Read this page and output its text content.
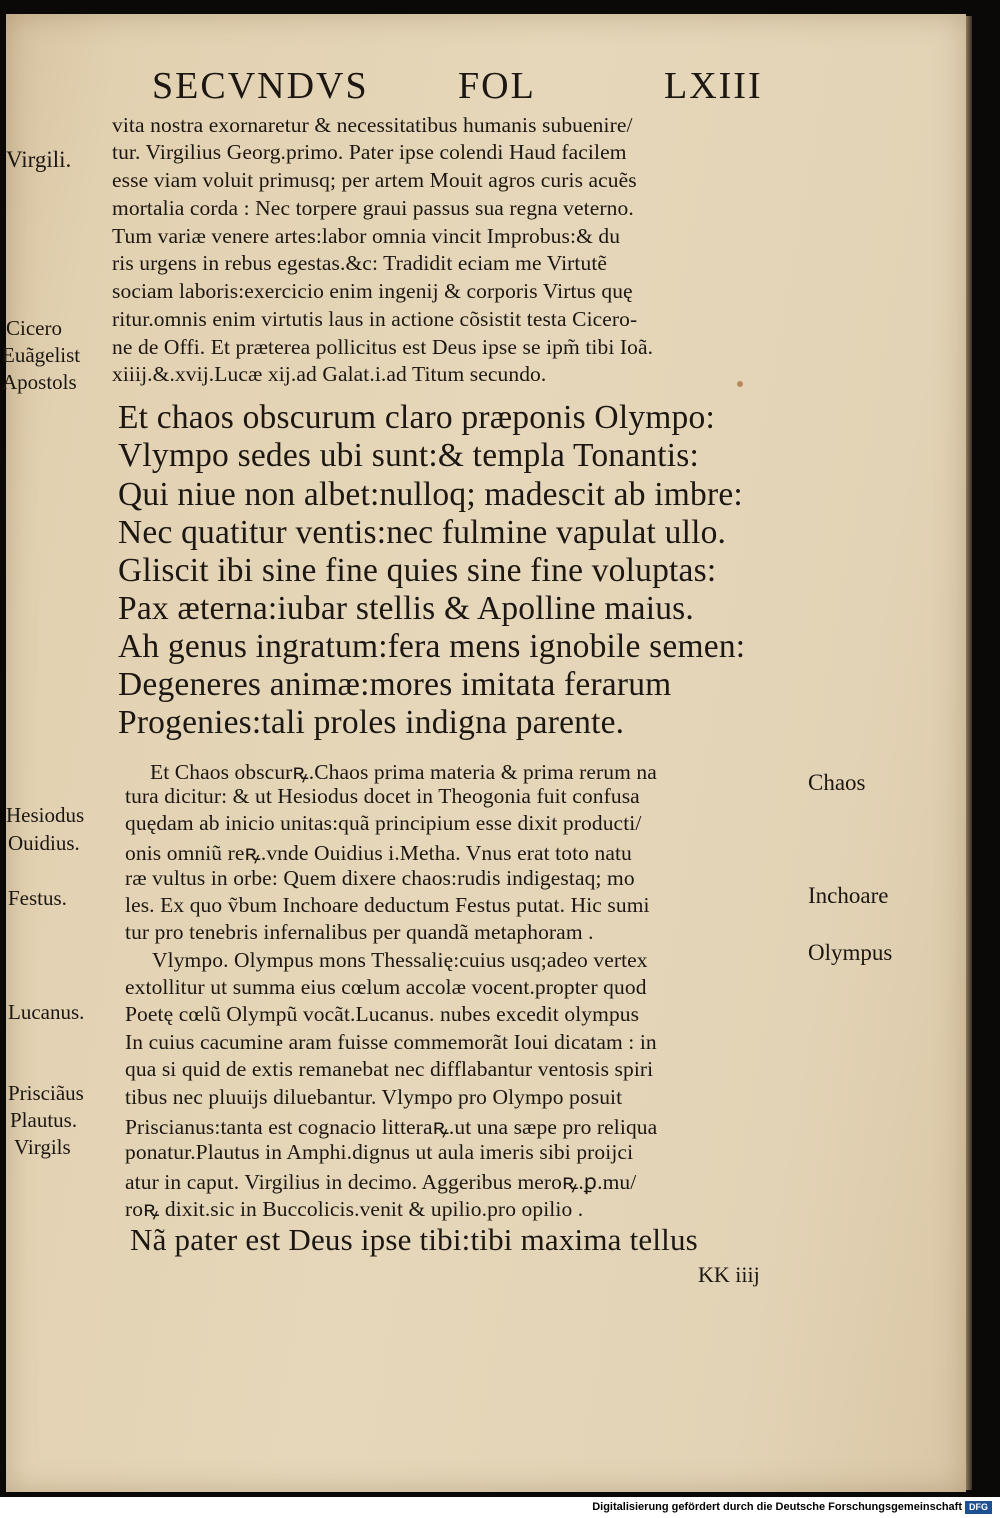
SECVNDVS FOL	LXIII
vita nostra exornaretur & necessitatibus humanis subuenire/
tur. Virgilius Georg.primo. Pater ipse colendi Haud facilem
esse viam voluit primusq; per artem Mouit agros curis acuẽs
mortalia corda : Nec torpere graui passus sua regna veterno.
Tum variæ venere artes:labor omnia vincit Improbus:& du
ris urgens in rebus egestas.&c: Tradidit eciam me Virtutẽ
sociam laboris:exercicio enim ingenij & corporis Virtus quę
ritur.omnis enim virtutis laus in actione cõsistit testa Cicero-
ne de Offi. Et præterea pollicitus est Deus ipse se ipm̃ tibi Ioã.
xiiij.&.xvij.Lucæ xij.ad Galat.i.ad Titum secundo.
Et chaos obscurum claro præponis Olympo:
Vlympo sedes ubi sunt:& templa Tonantis:
Qui niue non albet:nulloq; madescit ab imbre:
Nec quatitur ventis:nec fulmine vapulat ullo.
Gliscit ibi sine fine quies sine fine voluptas:
Pax æterna:iubar stellis & Apolline maius.
Ah genus ingratum:fera mens ignobile semen:
Degeneres animæ:mores imitata ferarum
Progenies:tali proles indigna parente.
Et Chaos obscurꝶ.Chaos prima materia & prima rerum na
tura dicitur: & ut Hesiodus docet in Theogonia fuit confusa
quędam ab inicio unitas:quã principium esse dixit producti/
onis omniũ reꝶ.vnde Ouidius i.Metha. Vnus erat toto natu
ræ vultus in orbe: Quem dixere chaos:rudis indigestaq; mo
les. Ex quo ṽbum Inchoare deductum Festus putat. Hic sumi
tur pro tenebris infernalibus per quandã metaphoram .
Vlympo. Olympus mons Thessalię:cuius usq;adeo vertex
extollitur ut summa eius cœlum accolæ vocent.propter quod
Poetę cœlũ Olympũ vocãt.Lucanus. nubes excedit olympus
In cuius cacumine aram fuisse commemorãt Ioui dicatam : in
qua si quid de extis remanebat nec difflabantur ventosis spiri
tibus nec pluuijs diluebantur. Vlympo pro Olympo posuit
Priscianus:tanta est cognacio litteraꝶ.ut una sæpe pro reliqua
ponatur.Plautus in Amphi.dignus ut aula imeris sibi proijci
atur in caput. Virgilius in decimo. Aggeribus meroꝶ.ꝑ.mu/
roꝶ dixit.sic in Buccolicis.venit & upilio.pro opilio .
Nã pater est Deus ipse tibi:tibi maxima tellus
KK iiij
Virgili.
Cicero
Euãgelist
Apostols
Hesiodus
Ouidius.
Festus.
Lucanus.
Prisciãus
Plautus.
Virgils
Chaos
Inchoare
Olympus
Digitalisierung gefördert durch die Deutsche Forschungsgemeinschaft DFG
